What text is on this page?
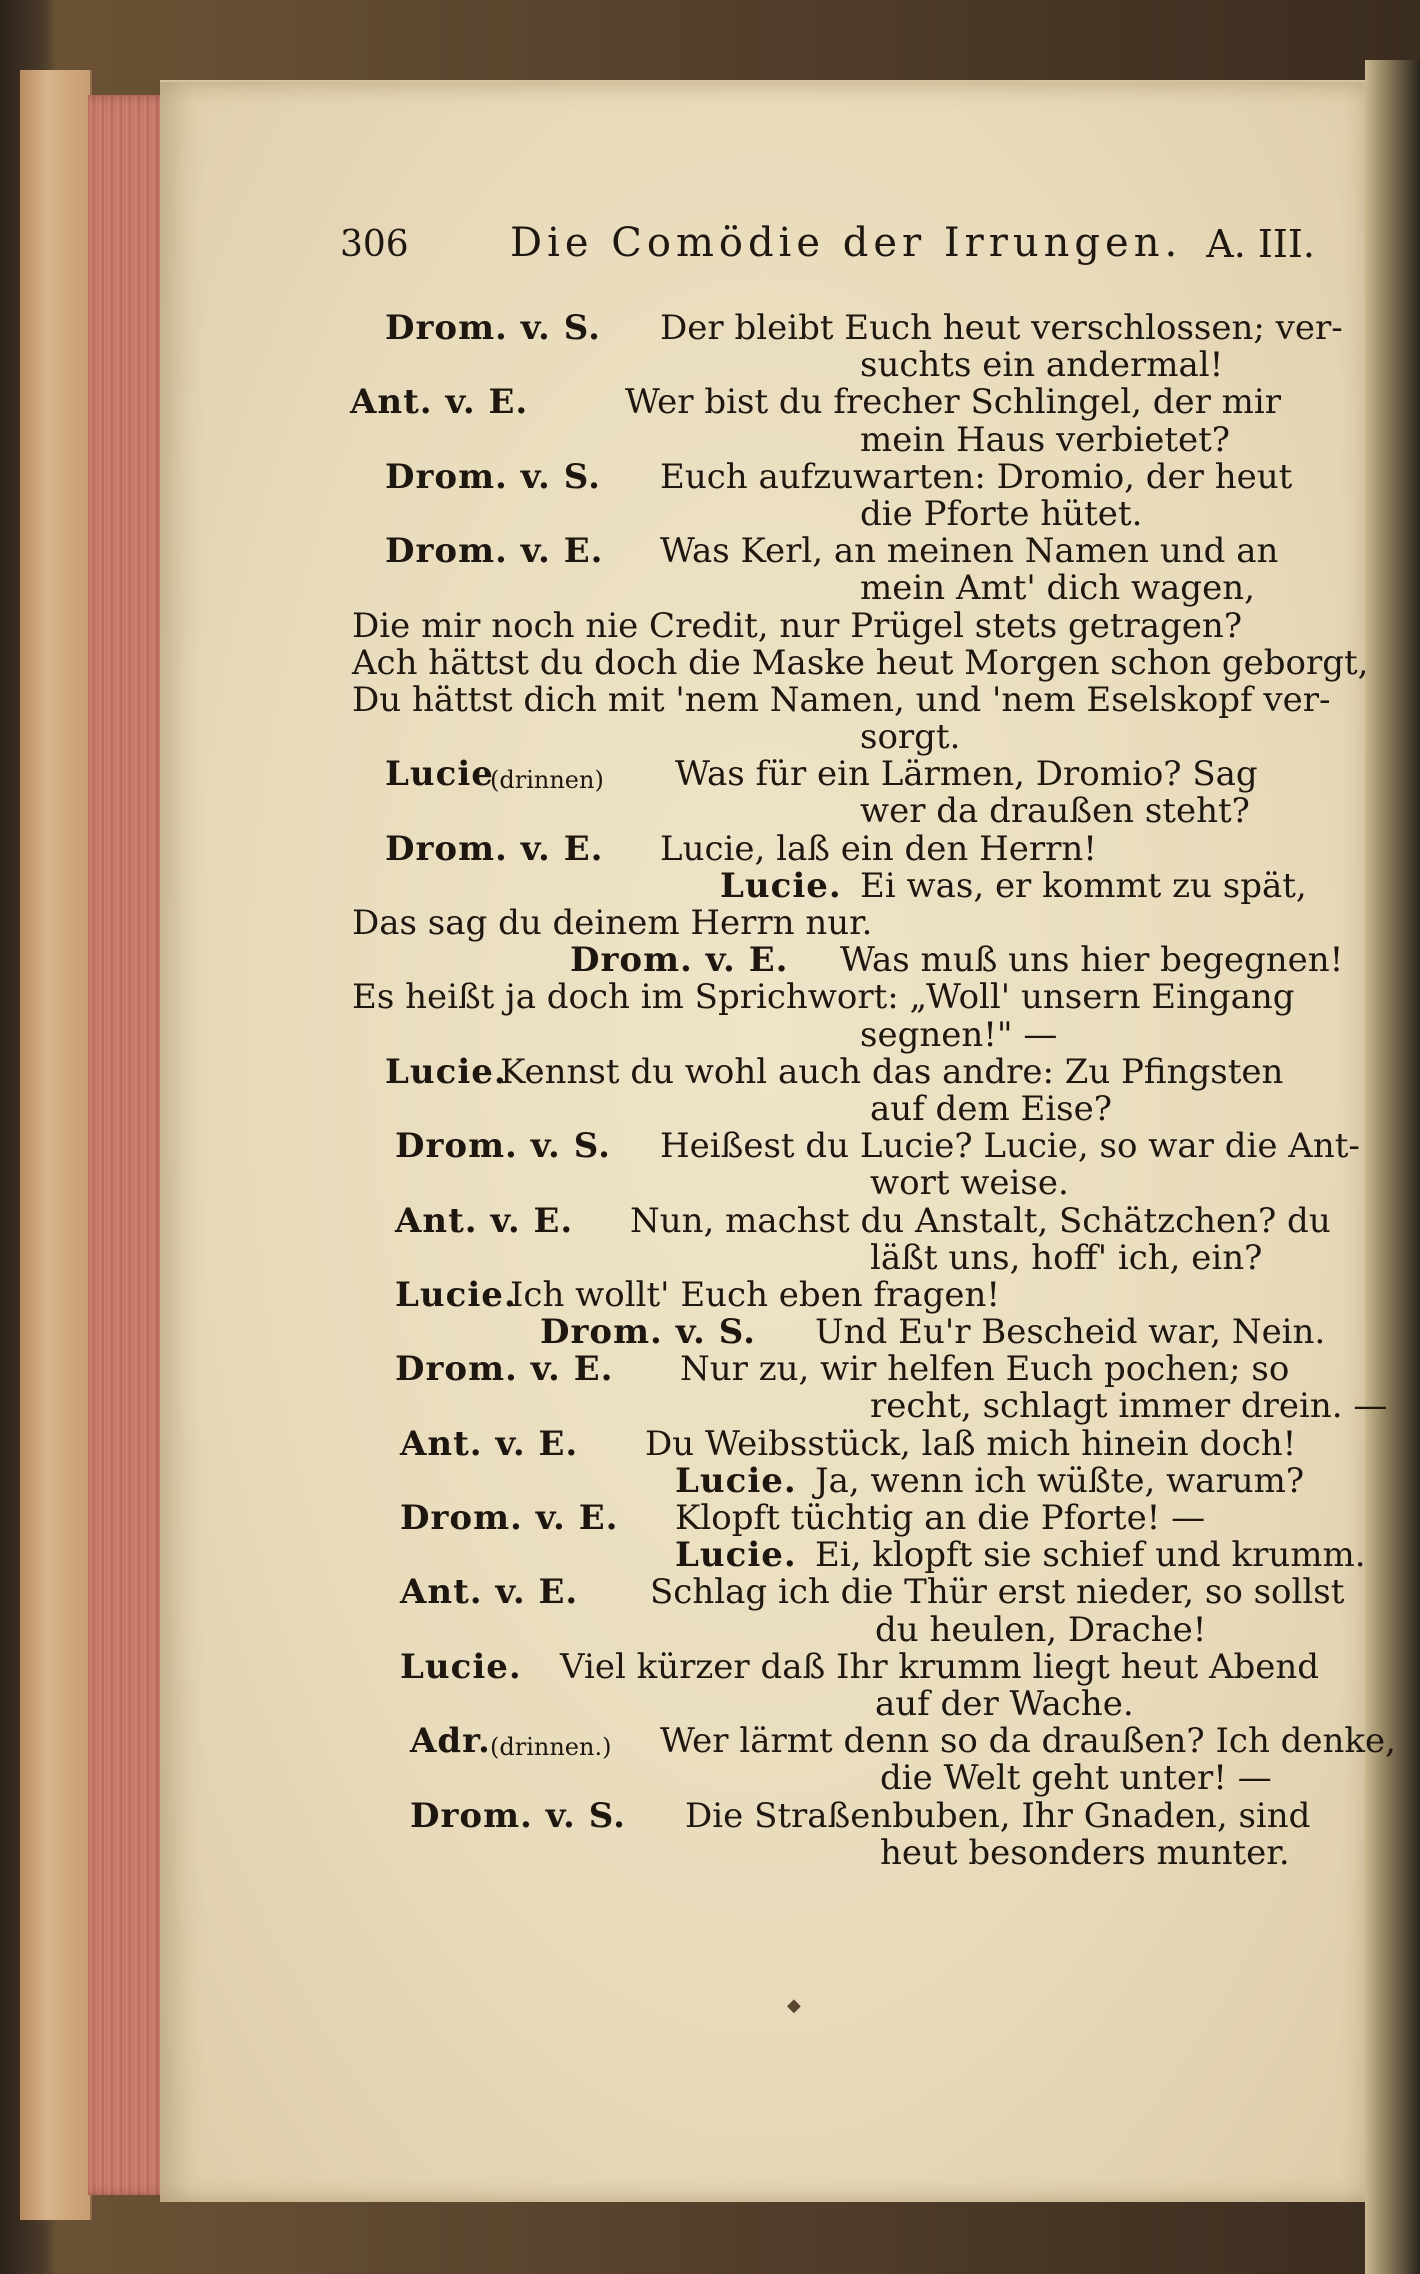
306	Die Comödie der Irrungen. A. III.
Drom. v. S. Der bleibt Euch heut verschlossen; ver-
suchts ein andermal!
Ant. v. E.	Wer bist du frecher Schlingel, der mir
mein Haus verbietet?
Drom. v. S. Euch aufzuwarten: Dromio, der heut
die Pforte hütet.
Drom. v. E. Was Kerl, an meinen Namen und an
mein Amt' dich wagen,
Die mir noch nie Credit, nur Prügel stets getragen?
Ach hättst du doch die Maske heut Morgen schon geborgt,
Du hättst dich mit 'nem Namen, und 'nem Eselskopf ver-
sorgt.
Lucie
(drinnen) Was für ein Lärmen, Dromio? Sag
wer da draußen steht?
Drom. v. E. Lucie, laß ein den Herrn!
Lucie. Ei was, er kommt zu spät,
Das sag du deinem Herrn nur.
Drom. v. E. Was muß uns hier begegnen!
Es heißt ja doch im Sprichwort: „Woll' unsern Eingang
segnen!" —
Lucie.
Kennst du wohl auch das andre: Zu Pfingsten
auf dem Eise?
Drom. v. S. Heißest du Lucie? Lucie, so war die Ant-
wort weise.
Ant. v. E. Nun, machst du Anstalt, Schätzchen? du
läßt uns, hoff' ich, ein?
Lucie.
Ich wollt' Euch eben fragen!
Drom. v. S. Und Eu'r Bescheid war, Nein.
Drom. v. E. Nur zu, wir helfen Euch pochen; so
recht, schlagt immer drein. —
Ant. v. E. Du Weibsstück, laß mich hinein doch!
Lucie. Ja, wenn ich wüßte, warum?
Drom. v. E. Klopft tüchtig an die Pforte! —
Lucie. Ei, klopft sie schief und krumm.
Ant. v. E. Schlag ich die Thür erst nieder, so sollst
du heulen, Drache!
Lucie. Viel kürzer daß Ihr krumm liegt heut Abend
auf der Wache.
Adr. (drinnen.) Wer lärmt denn so da draußen? Ich denke,
die Welt geht unter! —
Drom. v. S. Die Straßenbuben, Ihr Gnaden, sind
heut besonders munter.
◆
